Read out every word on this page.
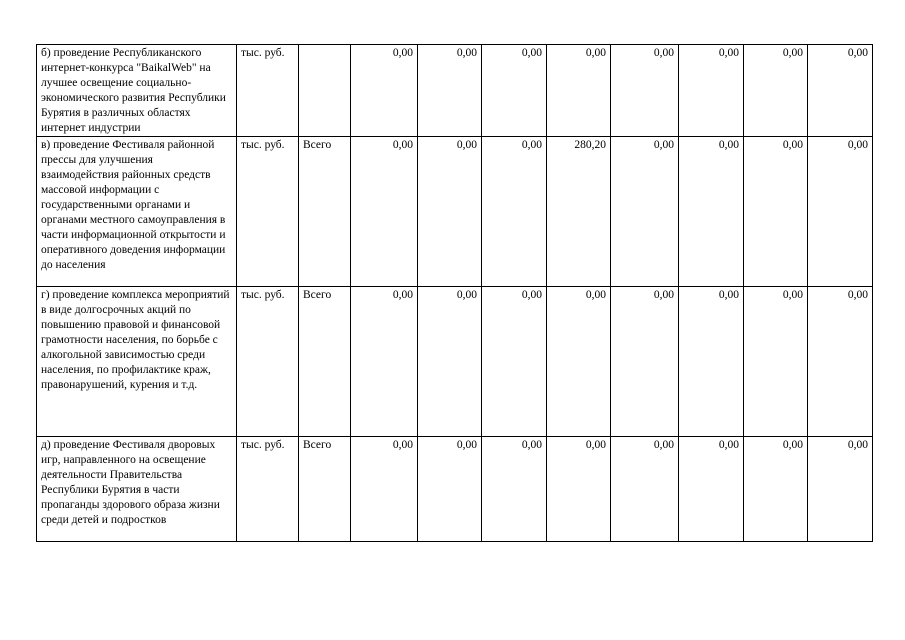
б) проведение Республиканского интернет-конкурса "BaikalWeb" на лучшее освещение социально-экономического развития Республики Бурятия в различных областях интернет индустрии	тыс. руб.		0,00	0,00	0,00	0,00	0,00	0,00	0,00	0,00
в) проведение Фестиваля районной прессы для улучшения взаимодействия районных средств массовой информации с государственными органами и органами местного самоуправления в части информационной открытости и оперативного доведения информации до населения	тыс. руб.	Всего	0,00	0,00	0,00	280,20	0,00	0,00	0,00	0,00
г) проведение комплекса мероприятий в виде долгосрочных акций по повышению правовой и финансовой грамотности населения, по борьбе с алкогольной зависимостью среди населения, по профилактике краж, правонарушений, курения и т.д.	тыс. руб.	Всего	0,00	0,00	0,00	0,00	0,00	0,00	0,00	0,00
д) проведение Фестиваля дворовых игр, направленного на освещение деятельности Правительства Республики Бурятия в части пропаганды здорового образа жизни среди детей и подростков	тыс. руб.	Всего	0,00	0,00	0,00	0,00	0,00	0,00	0,00	0,00
